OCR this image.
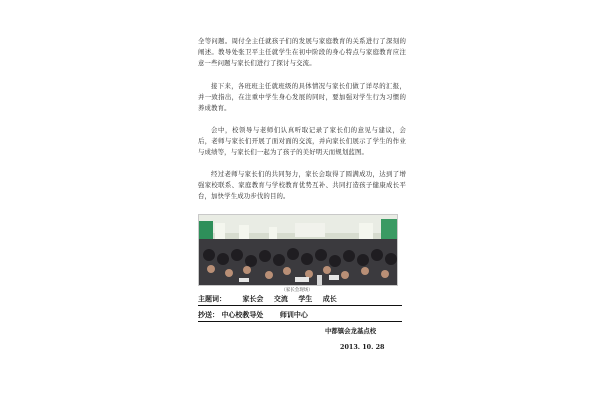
全等问题。周付全主任就孩子们的发展与家庭教育的关系进行了深刻的阐述。教导处张卫平主任就学生在初中阶段的身心特点与家庭教育应注意一些问题与家长们进行了探讨与交流。

接下来，各班班主任就班级的具体情况与家长们做了详尽的汇报，并一致指出，在注重中学生身心发展的同时，要加强对学生行为习惯的养成教育。

会中，校领导与老师们认真听取记录了家长们的意见与建议，会后，老师与家长们开展了面对面的交流，并向家长们展示了学生的作业与成绩等，与家长们一起为了孩子的美好明天而规划蓝图。

经过老师与家长们的共同努力，家长会取得了圆满成功，达到了增强家校联系、家庭教育与学校教育优势互补、共同打造孩子健康成长平台，加快学生成功步伐的目的。

（家长会现场）
主题词： 家长会 交流 学生 成长
抄送： 中心校教导处 师训中心
中都镇会龙基点校
2013. 10. 28
